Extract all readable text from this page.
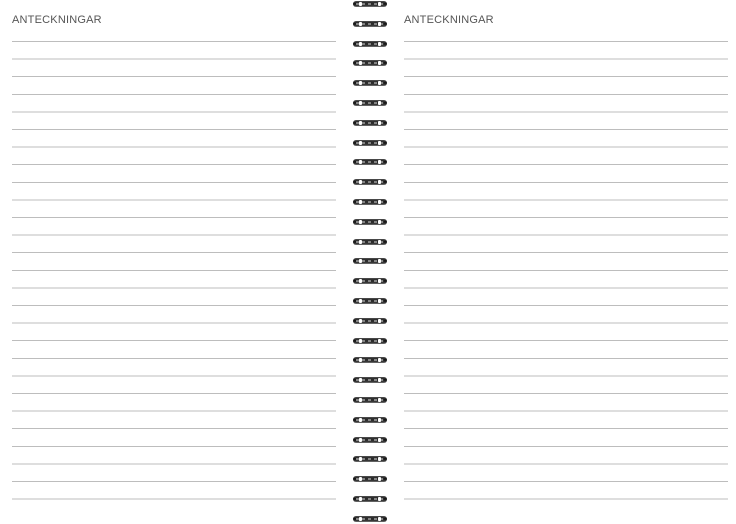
ANTECKNINGAR	ANTECKNINGAR
